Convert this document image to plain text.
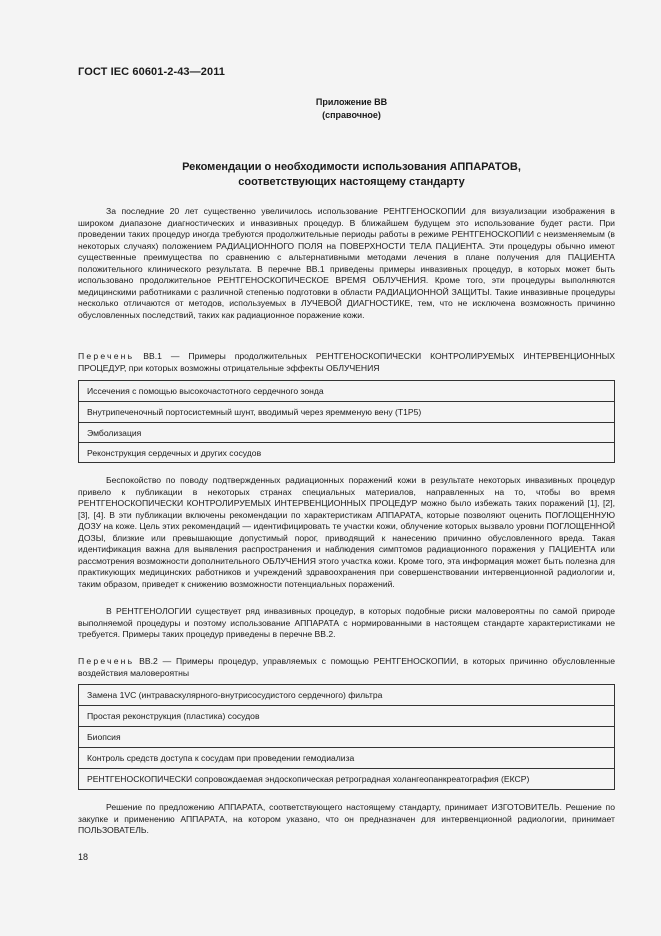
ГОСТ IEC 60601-2-43—2011
Приложение ВВ
(справочное)
Рекомендации о необходимости использования АППАРАТОВ,
соответствующих настоящему стандарту

За последние 20 лет существенно увеличилось использование РЕНТГЕНОСКОПИИ для визуализации изображения в широком диапазоне диагностических и инвазивных процедур. В ближайшем будущем это использование будет расти. При проведении таких процедур иногда требуются продолжительные периоды работы в режиме РЕНТГЕНОСКОПИИ с неизменяемым (в некоторых случаях) положением РАДИАЦИОННОГО ПОЛЯ на ПОВЕРХНОСТИ ТЕЛА ПАЦИЕНТА. Эти процедуры обычно имеют существенные преимущества по сравнению с альтернативными методами лечения в плане получения для ПАЦИЕНТА положительного клинического результата. В перечне ВВ.1 приведены примеры инвазивных процедур, в которых может быть использовано продолжительное РЕНТГЕНОСКОПИЧЕСКОЕ ВРЕМЯ ОБЛУЧЕНИЯ. Кроме того, эти процедуры выполняются медицинскими работниками с различной степенью подготовки в области РАДИАЦИОННОЙ ЗАЩИТЫ. Такие инвазивные процедуры несколько отличаются от методов, используемых в ЛУЧЕВОЙ ДИАГНОСТИКЕ, тем, что не исключена возможность причинно обусловленных последствий, таких как радиационное поражение кожи.

Перечень ВВ.1 — Примеры продолжительных РЕНТГЕНОСКОПИЧЕСКИ КОНТРОЛИРУЕМЫХ ИНТЕРВЕНЦИОННЫХ ПРОЦЕДУР, при которых возможны отрицательные эффекты ОБЛУЧЕНИЯ
Иссечения с помощью высокочастотного сердечного зонда
Внутрипеченочный портосистемный шунт, вводимый через яремменую вену (Т1Р5)
Эмболизация
Реконструкция сердечных и других сосудов

Беспокойство по поводу подтвержденных радиационных поражений кожи в результате некоторых инвазивных процедур привело к публикации в некоторых странах специальных материалов, направленных на то, чтобы во время РЕНТГЕНОСКОПИЧЕСКИ КОНТРОЛИРУЕМЫХ ИНТЕРВЕНЦИОННЫХ ПРОЦЕДУР можно было избежать таких поражений [1], [2], [3], [4]. В эти публикации включены рекомендации по характеристикам АППАРАТА, которые позволяют оценить ПОГЛОЩЕННУЮ ДОЗУ на коже. Цель этих рекомендаций — идентифицировать те участки кожи, облучение которых вызвало уровни ПОГЛОЩЕННОЙ ДОЗЫ, близкие или превышающие допустимый порог, приводящий к нанесению причинно обусловленного вреда. Такая идентификация важна для выявления распространения и наблюдения симптомов радиационного поражения у ПАЦИЕНТА или рассмотрения возможности дополнительного ОБЛУЧЕНИЯ этого участка кожи. Кроме того, эта информация может быть полезна для практикующих медицинских работников и учреждений здравоохранения при совершенствовании интервенционной радиологии и, таким образом, приведет к снижению возможности потенциальных поражений.

В РЕНТГЕНОЛОГИИ существует ряд инвазивных процедур, в которых подобные риски маловероятны по самой природе выполняемой процедуры и поэтому использование АППАРАТА с нормированными в настоящем стандарте характеристиками не требуется. Примеры таких процедур приведены в перечне ВВ.2.

Перечень ВВ.2 — Примеры процедур, управляемых с помощью РЕНТГЕНОСКОПИИ, в которых причинно обусловленные воздействия маловероятны
Замена 1VC (интраваскулярного-внутрисосудистого сердечного) фильтра
Простая реконструкция (пластика) сосудов
Биопсия
Контроль средств доступа к сосудам при проведении гемодиализа
РЕНТГЕНОСКОПИЧЕСКИ сопровождаемая эндоскопическая ретроградная холангеопанкреатография (ЕКСР)

Решение по предложению АППАРАТА, соответствующего настоящему стандарту, принимает ИЗГОТОВИТЕЛЬ. Решение по закупке и применению АППАРАТА, на котором указано, что он предназначен для интервенционной радиологии, принимает ПОЛЬЗОВАТЕЛЬ.

18
